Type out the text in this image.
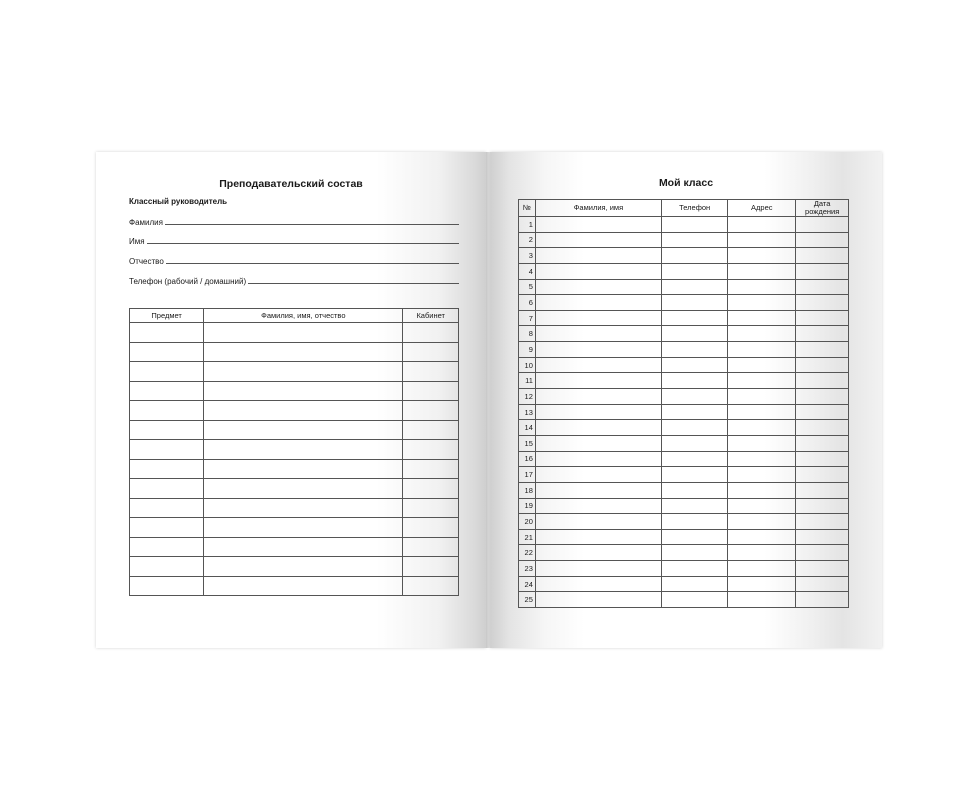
Преподавательский состав
Классный руководитель
Фамилия
Имя
Отчество
Телефон (рабочий / домашний)
Предмет	Фамилия, имя, отчество	Кабинет

Мой класс
№	Фамилия, имя	Телефон	Адрес	Дата
рождения
1				
2				
3				
4				
5				
6				
7				
8				
9				
10				
11				
12				
13				
14				
15				
16				
17				
18				
19				
20				
21				
22				
23				
24				
25				
